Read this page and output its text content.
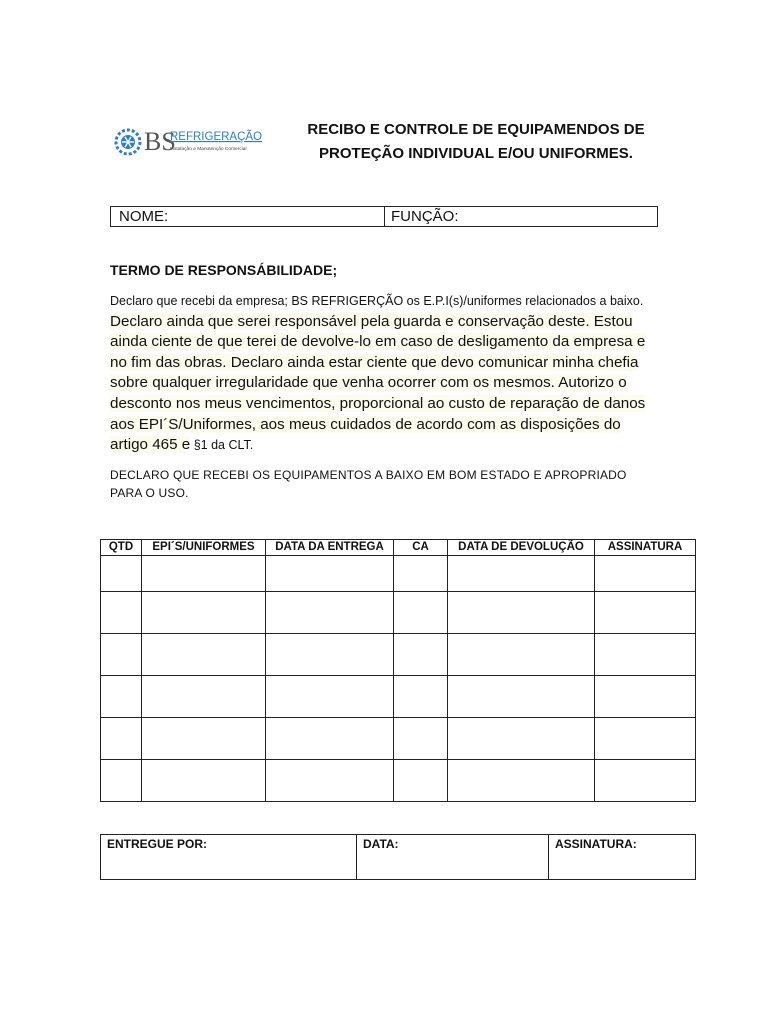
BS
REFRIGERAÇÃO
Instalação e Manutenção Comercial
RECIBO E CONTROLE DE EQUIPAMENDOS DE
PROTEÇÃO INDIVIDUAL E/OU UNIFORMES.
NOME:	FUNÇÃO:
TERMO DE RESPONSÁBILIDADE;
Declaro que recebi da empresa; BS REFRIGERÇÃO os E.P.I(s)/uniformes relacionados a baixo. Declaro ainda que serei responsável pela guarda e conservação deste. Estou ainda ciente de que terei de devolve-lo em caso de desligamento da empresa e no fim das obras. Declaro ainda estar ciente que devo comunicar minha chefia sobre qualquer irregularidade que venha ocorrer com os mesmos. Autorizo o desconto nos meus vencimentos, proporcional ao custo de reparação de danos aos EPI´S/Uniformes, aos meus cuidados de acordo com as disposições do artigo 465 e §1 da CLT.
DECLARO QUE RECEBI OS EQUIPAMENTOS A BAIXO EM BOM ESTADO E APROPRIADO PARA O USO.
QTD	EPI´S/UNIFORMES	DATA DA ENTREGA	CA	DATA DE DEVOLUÇÃO	ASSINATURA

ENTREGUE POR:	DATA:	ASSINATURA:
